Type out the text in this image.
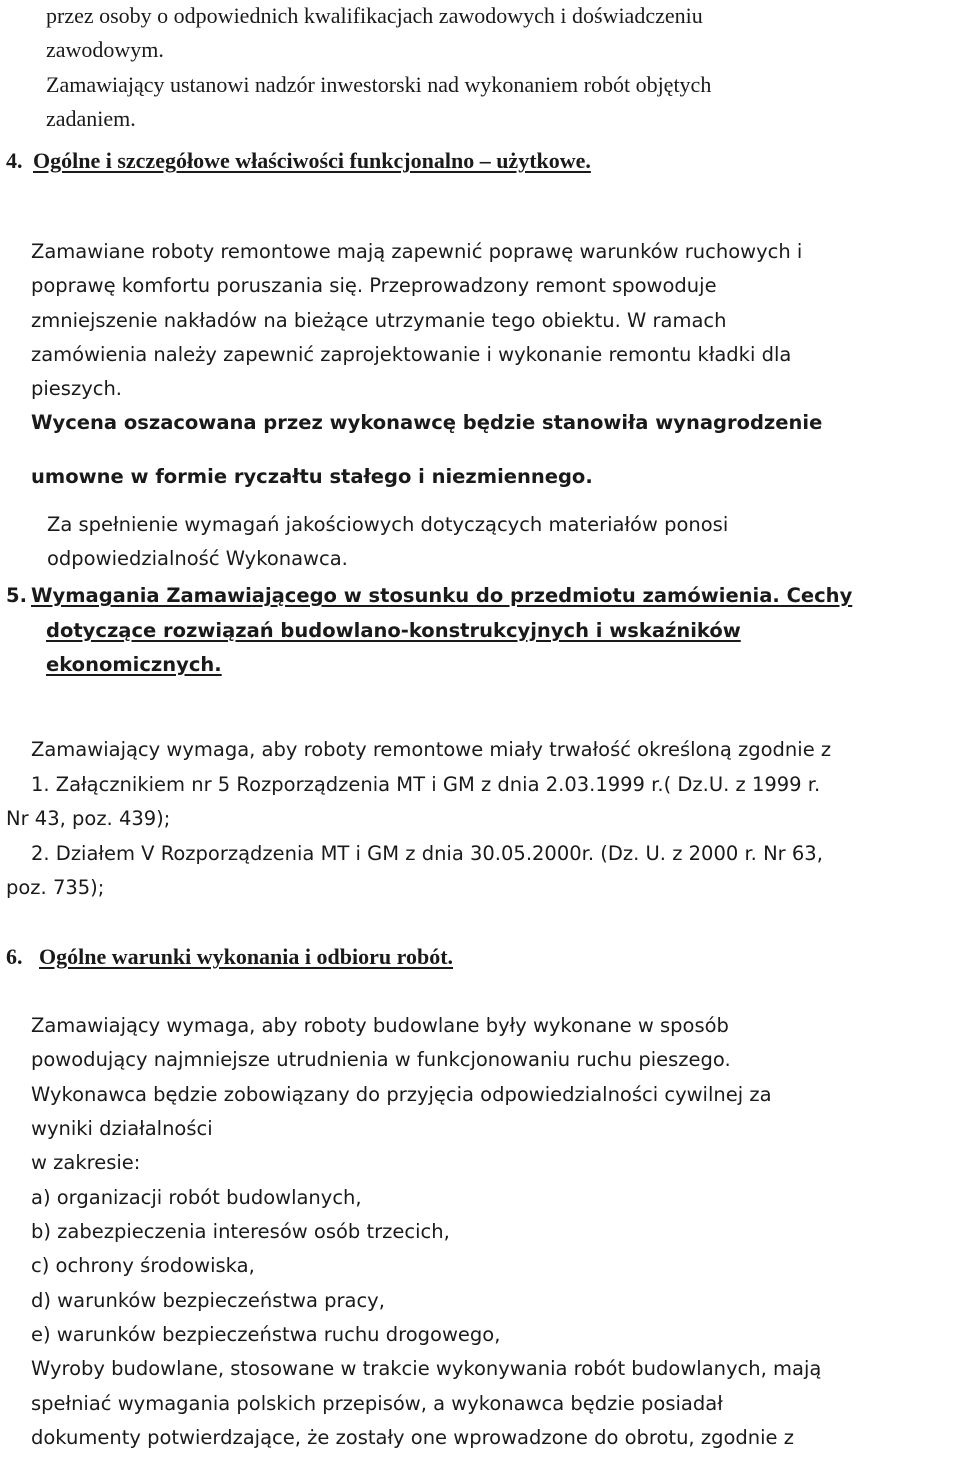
przez osoby o odpowiednich kwalifikacjach zawodowych i doświadczeniu
zawodowym.
Zamawiający ustanowi nadzór inwestorski nad wykonaniem robót objętych
zadaniem.
4. Ogólne i szczegółowe właściwości funkcjonalno – użytkowe.
Zamawiane roboty remontowe mają zapewnić poprawę warunków ruchowych i
poprawę komfortu poruszania się. Przeprowadzony remont spowoduje
zmniejszenie nakładów na bieżące utrzymanie tego obiektu. W ramach
zamówienia należy zapewnić zaprojektowanie i wykonanie remontu kładki dla
pieszych.
Wycena oszacowana przez wykonawcę będzie stanowiła wynagrodzenie
umowne w formie ryczałtu stałego i niezmiennego.
Za spełnienie wymagań jakościowych dotyczących materiałów ponosi
odpowiedzialność Wykonawca.
5. Wymagania Zamawiającego w stosunku do przedmiotu zamówienia. Cechy
dotyczące rozwiązań budowlano-konstrukcyjnych i wskaźników
ekonomicznych.
Zamawiający wymaga, aby roboty remontowe miały trwałość określoną zgodnie z
1. Załącznikiem nr 5 Rozporządzenia MT i GM z dnia 2.03.1999 r.( Dz.U. z 1999 r.
Nr 43, poz. 439);
2. Działem V Rozporządzenia MT i GM z dnia 30.05.2000r. (Dz. U. z 2000 r. Nr 63,
poz. 735);
6. Ogólne warunki wykonania i odbioru robót.
Zamawiający wymaga, aby roboty budowlane były wykonane w sposób
powodujący najmniejsze utrudnienia w funkcjonowaniu ruchu pieszego.
Wykonawca będzie zobowiązany do przyjęcia odpowiedzialności cywilnej za
wyniki działalności
w zakresie:
a) organizacji robót budowlanych,
b) zabezpieczenia interesów osób trzecich,
c) ochrony środowiska,
d) warunków bezpieczeństwa pracy,
e) warunków bezpieczeństwa ruchu drogowego,
Wyroby budowlane, stosowane w trakcie wykonywania robót budowlanych, mają
spełniać wymagania polskich przepisów, a wykonawca będzie posiadał
dokumenty potwierdzające, że zostały one wprowadzone do obrotu, zgodnie z
